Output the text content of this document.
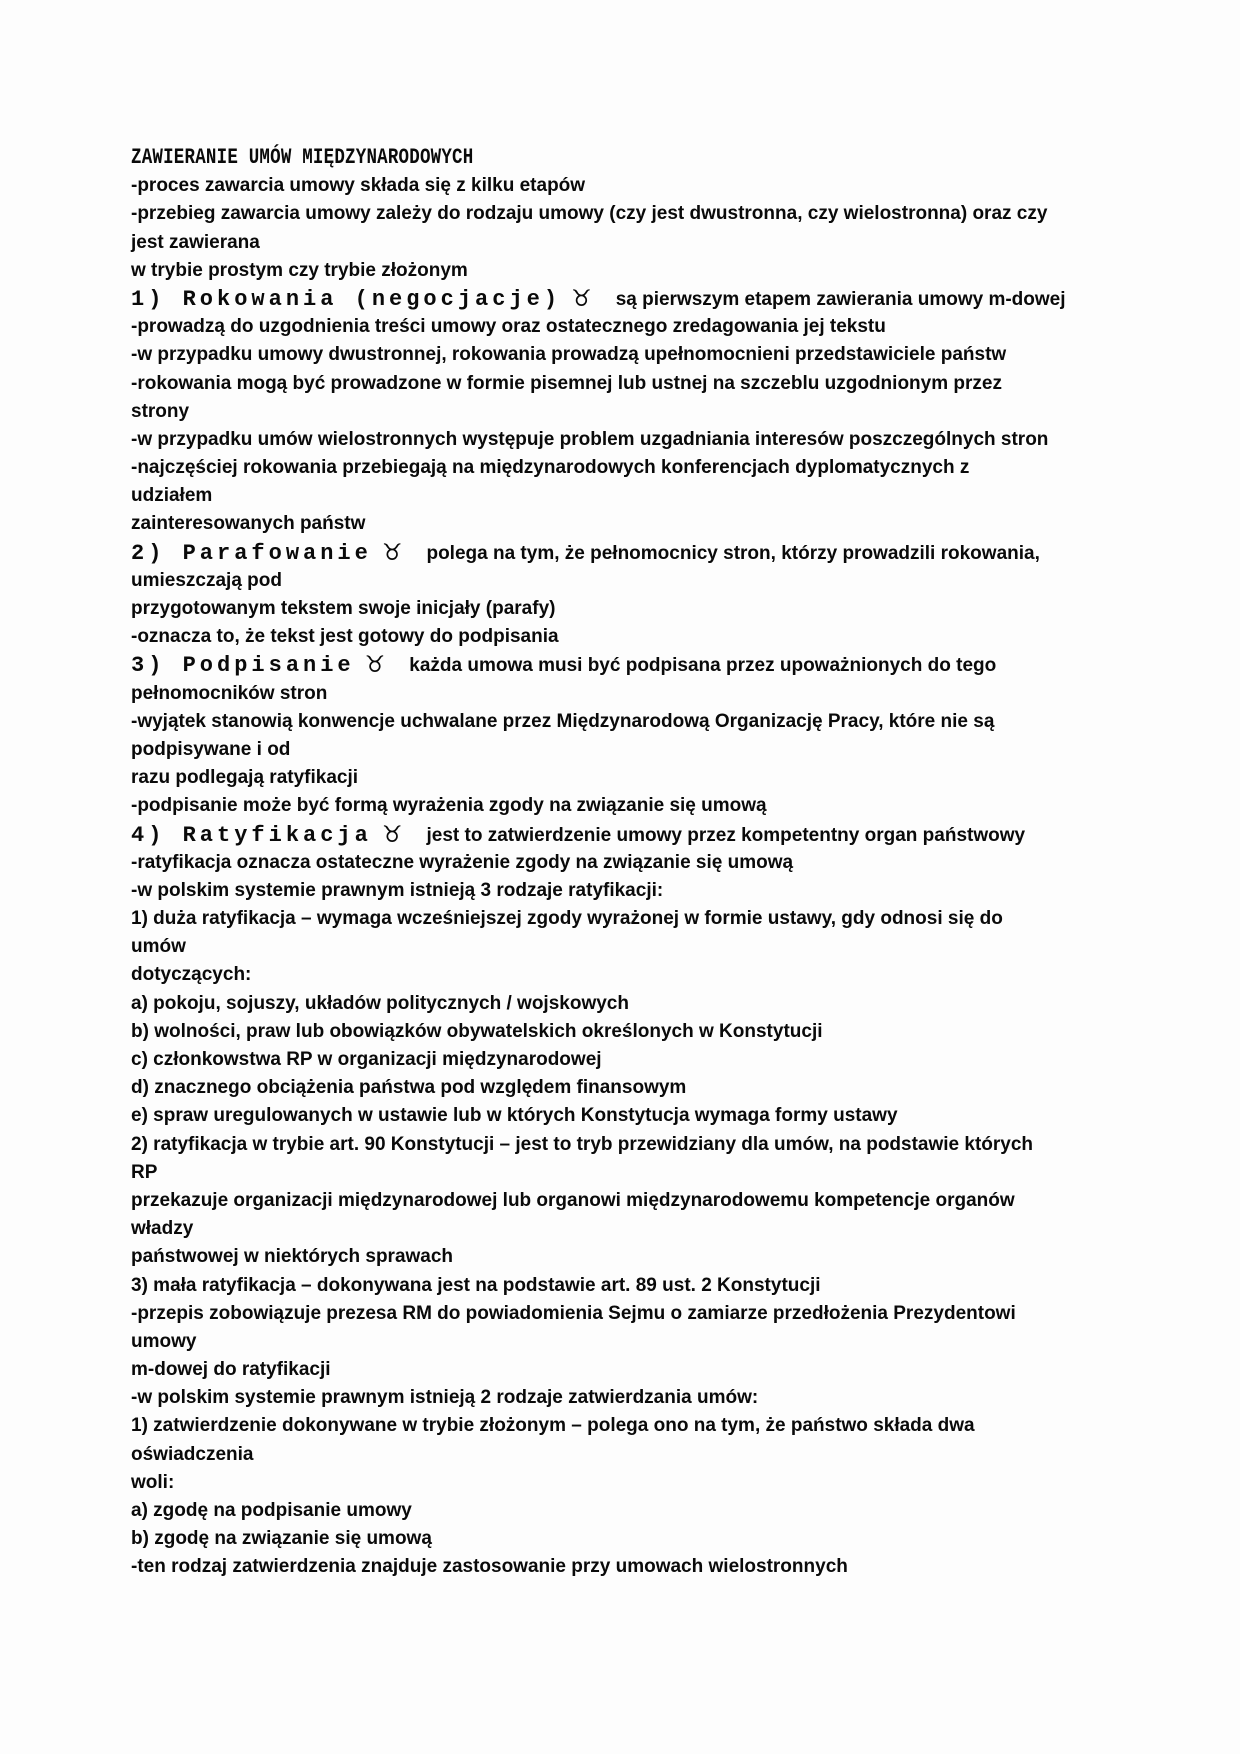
ZAWIERANIE UMÓW MIĘDZYNARODOWYCH
-proces zawarcia umowy składa się z kilku etapów
-przebieg zawarcia umowy zależy do rodzaju umowy (czy jest dwustronna, czy wielostronna) oraz czy
jest zawierana
w trybie prostym czy trybie złożonym
1) Rokowania (negocjacje) ♉ są pierwszym etapem zawierania umowy m-dowej
-prowadzą do uzgodnienia treści umowy oraz ostatecznego zredagowania jej tekstu
-w przypadku umowy dwustronnej, rokowania prowadzą upełnomocnieni przedstawiciele państw
-rokowania mogą być prowadzone w formie pisemnej lub ustnej na szczeblu uzgodnionym przez
strony
-w przypadku umów wielostronnych występuje problem uzgadniania interesów poszczególnych stron
-najczęściej rokowania przebiegają na międzynarodowych konferencjach dyplomatycznych z
udziałem
zainteresowanych państw
2) Parafowanie ♉ polega na tym, że pełnomocnicy stron, którzy prowadzili rokowania,
umieszczają pod
przygotowanym tekstem swoje inicjały (parafy)
-oznacza to, że tekst jest gotowy do podpisania
3) Podpisanie ♉ każda umowa musi być podpisana przez upoważnionych do tego
pełnomocników stron
-wyjątek stanowią konwencje uchwalane przez Międzynarodową Organizację Pracy, które nie są
podpisywane i od
razu podlegają ratyfikacji
-podpisanie może być formą wyrażenia zgody na związanie się umową
4) Ratyfikacja ♉ jest to zatwierdzenie umowy przez kompetentny organ państwowy
-ratyfikacja oznacza ostateczne wyrażenie zgody na związanie się umową
-w polskim systemie prawnym istnieją 3 rodzaje ratyfikacji:
1) duża ratyfikacja – wymaga wcześniejszej zgody wyrażonej w formie ustawy, gdy odnosi się do
umów
dotyczących:
a) pokoju, sojuszy, układów politycznych / wojskowych
b) wolności, praw lub obowiązków obywatelskich określonych w Konstytucji
c) członkowstwa RP w organizacji międzynarodowej
d) znacznego obciążenia państwa pod względem finansowym
e) spraw uregulowanych w ustawie lub w których Konstytucja wymaga formy ustawy
2) ratyfikacja w trybie art. 90 Konstytucji – jest to tryb przewidziany dla umów, na podstawie których
RP
przekazuje organizacji międzynarodowej lub organowi międzynarodowemu kompetencje organów
władzy
państwowej w niektórych sprawach
3) mała ratyfikacja – dokonywana jest na podstawie art. 89 ust. 2 Konstytucji
-przepis zobowiązuje prezesa RM do powiadomienia Sejmu o zamiarze przedłożenia Prezydentowi
umowy
m-dowej do ratyfikacji
-w polskim systemie prawnym istnieją 2 rodzaje zatwierdzania umów:
1) zatwierdzenie dokonywane w trybie złożonym – polega ono na tym, że państwo składa dwa
oświadczenia
woli:
a) zgodę na podpisanie umowy
b) zgodę na związanie się umową
-ten rodzaj zatwierdzenia znajduje zastosowanie przy umowach wielostronnych
